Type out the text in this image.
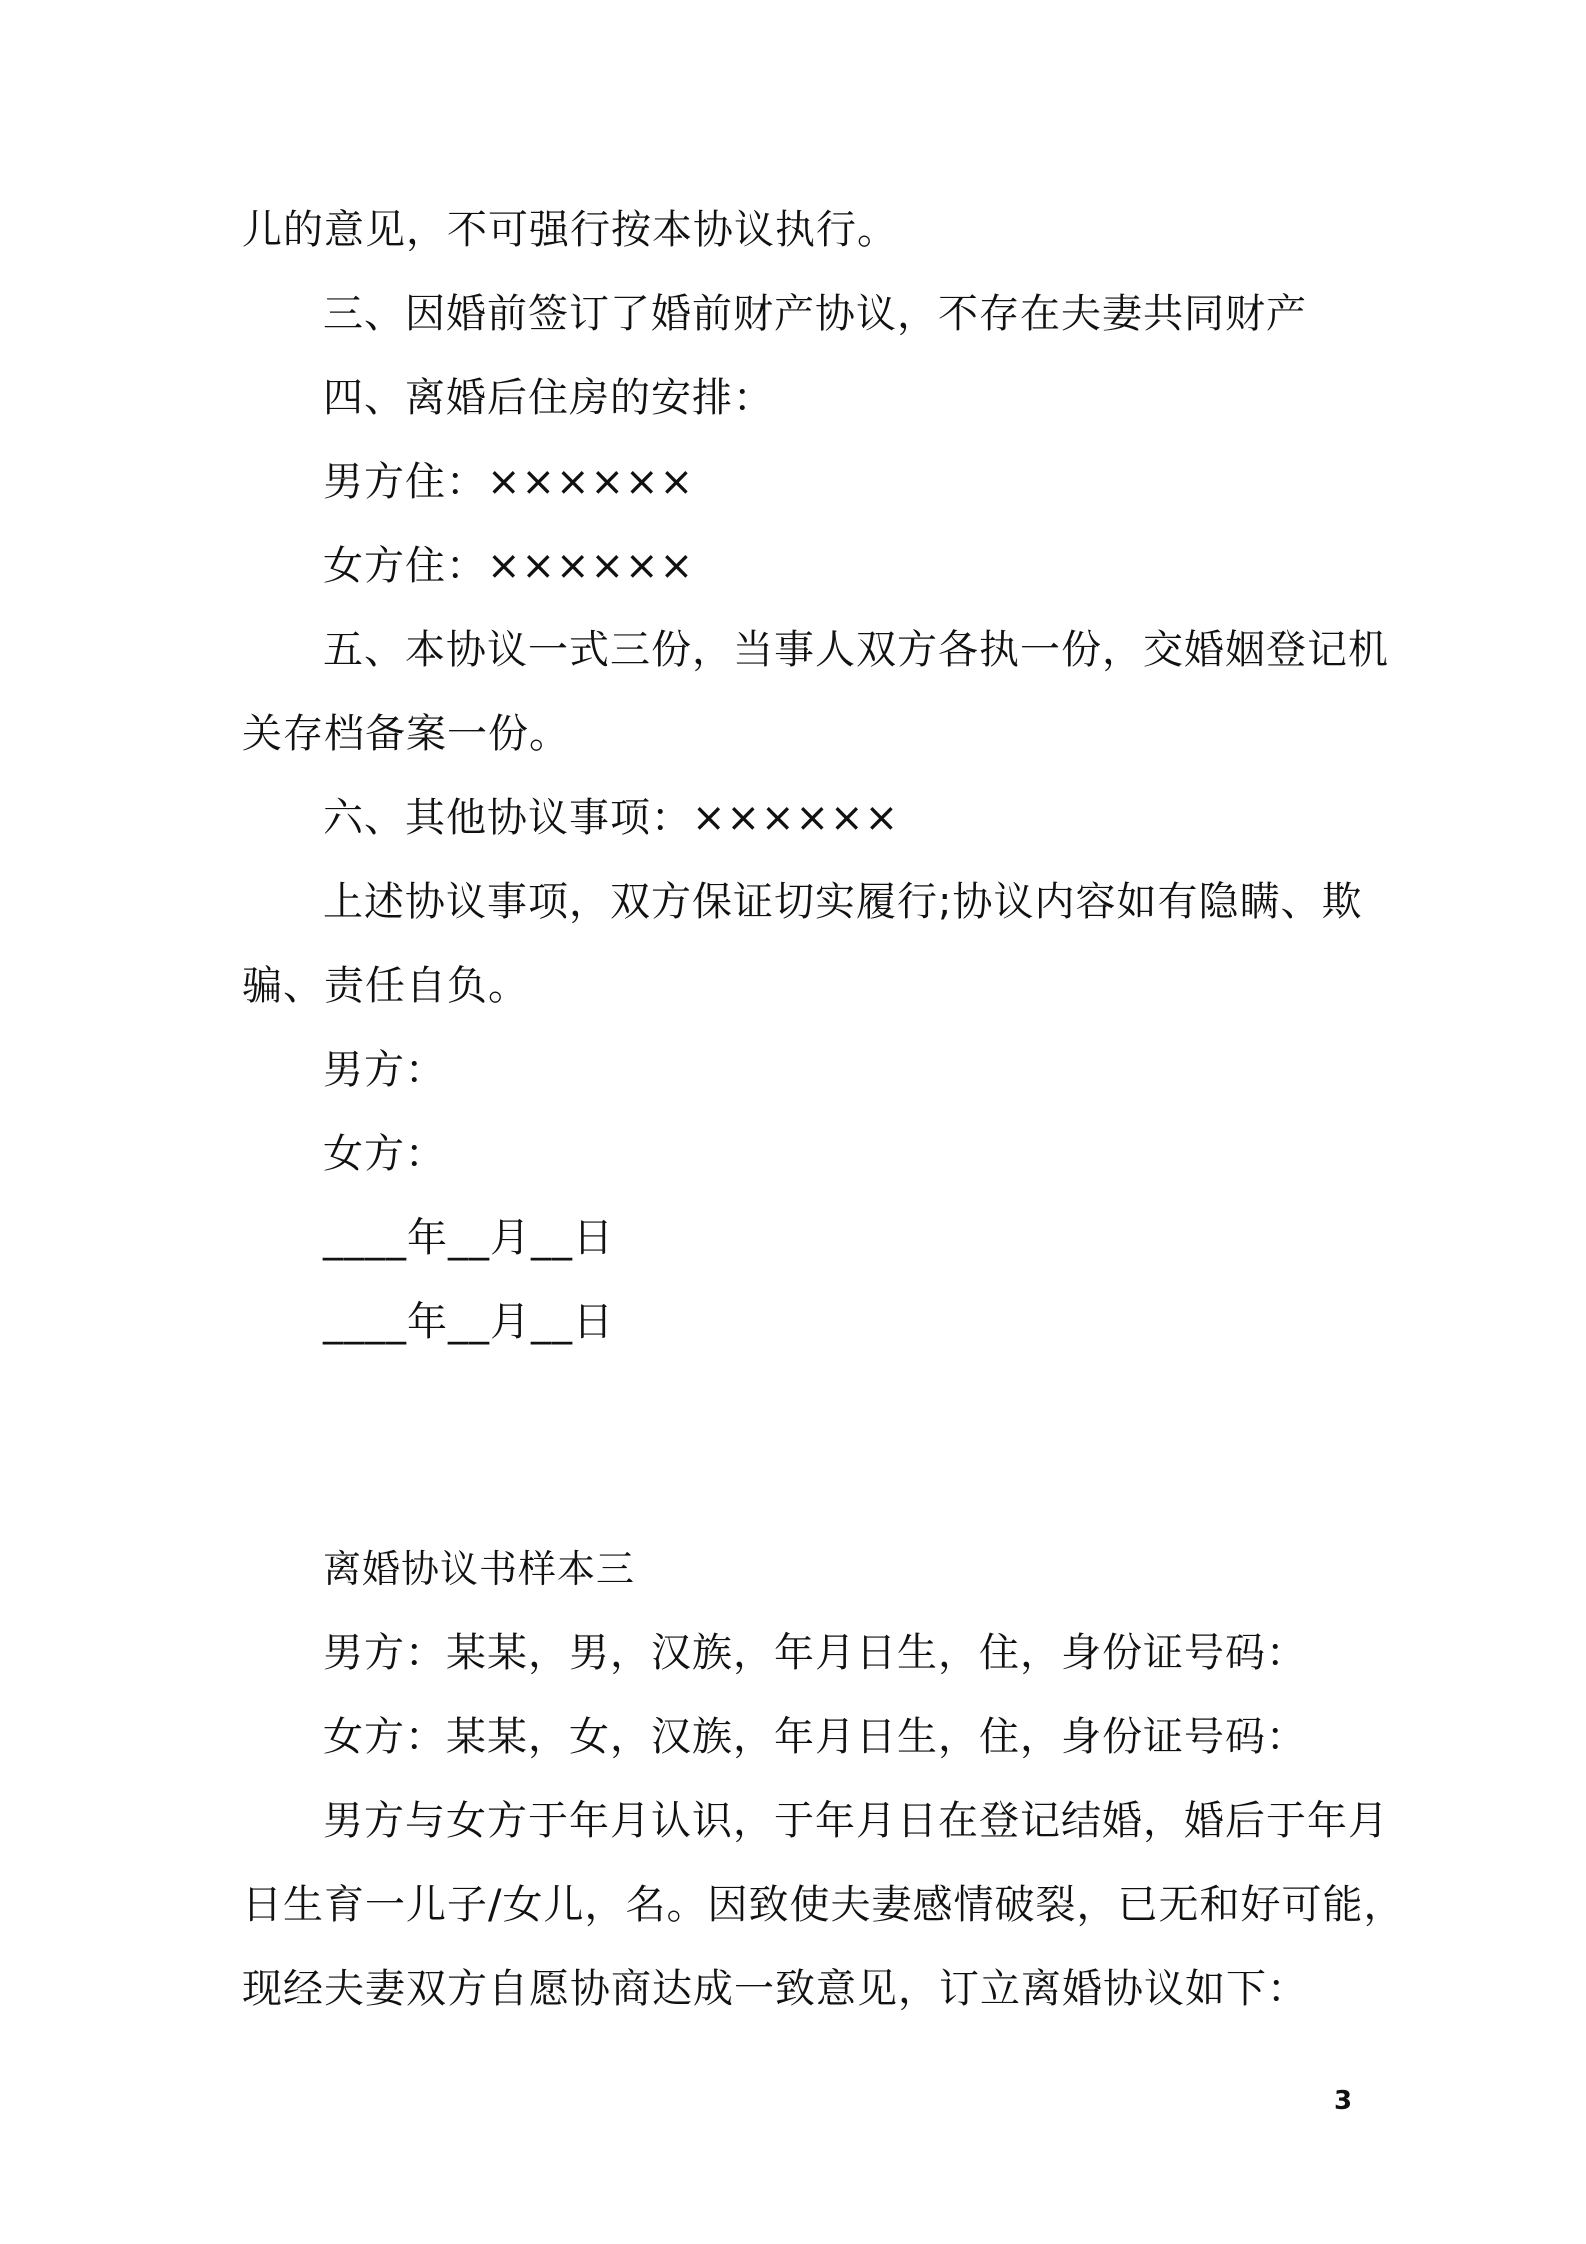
儿的意见，不可强行按本协议执行。
三、因婚前签订了婚前财产协议，不存在夫妻共同财产
四、离婚后住房的安排：
男方住：××××××
女方住：××××××
五、本协议一式三份，当事人双方各执一份，交婚姻登记机
关存档备案一份。
六、其他协议事项：××××××
上述协议事项，双方保证切实履行;协议内容如有隐瞒、欺
骗、责任自负。
男方：
女方：
____年__月__日
____年__月__日
离婚协议书样本三
男方：某某，男，汉族，年月日生，住，身份证号码：
女方：某某，女，汉族，年月日生，住，身份证号码：
男方与女方于年月认识，于年月日在登记结婚，婚后于年月
日生育一儿子/女儿，名。因致使夫妻感情破裂，已无和好可能，
现经夫妻双方自愿协商达成一致意见，订立离婚协议如下：
3
